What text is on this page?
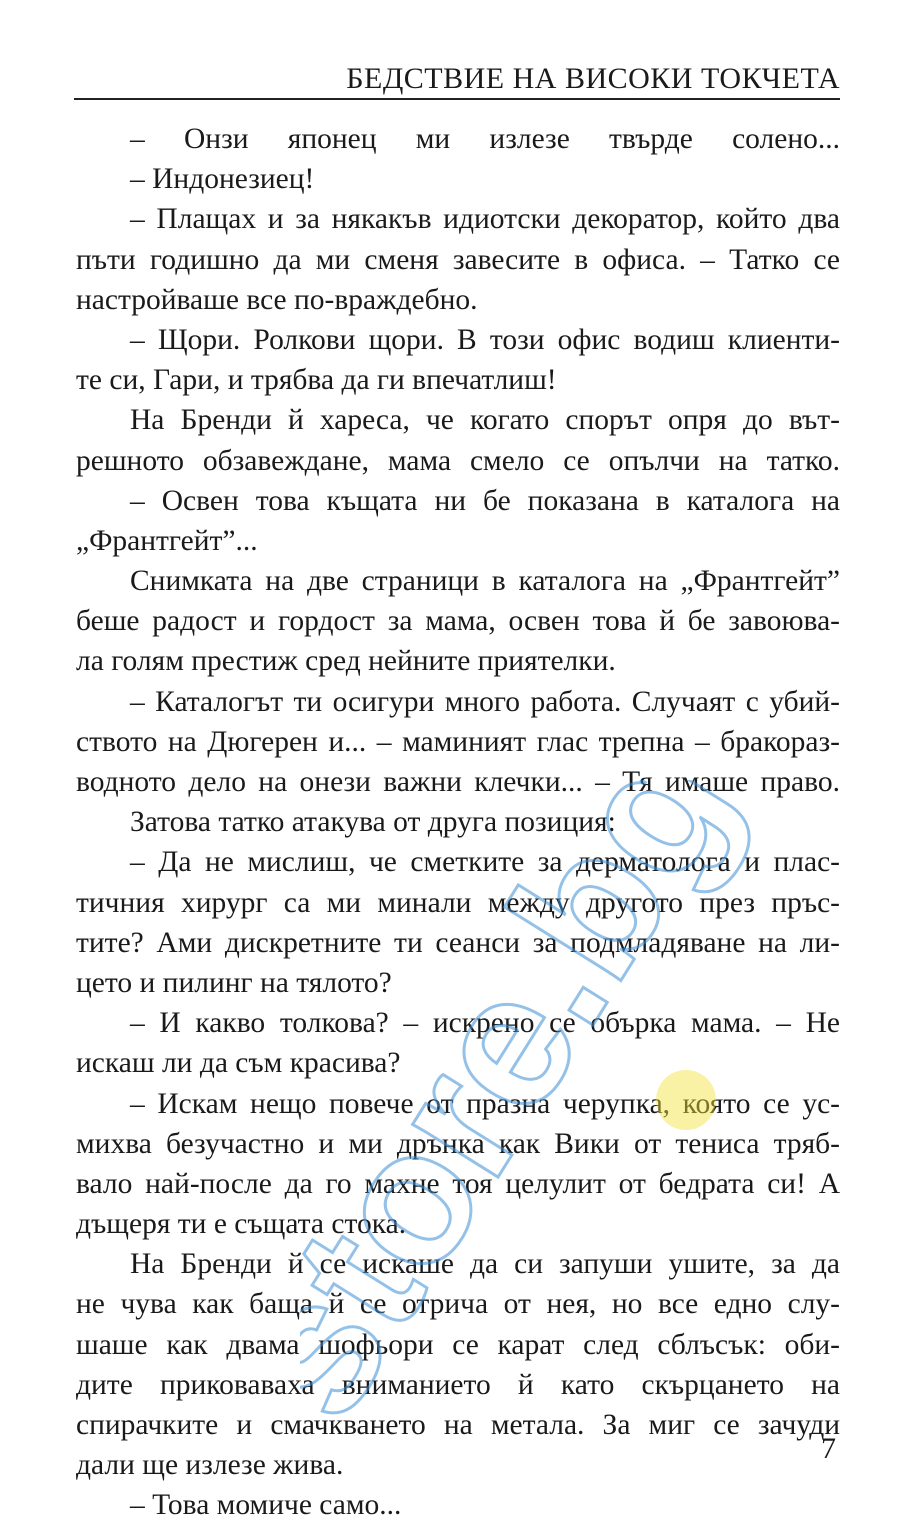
БЕДСТВИЕ НА ВИСОКИ ТОКЧЕТА
– Онзи японец ми излезе твърде солено...
– Индонезиец!
– Плащах и за някакъв идиотски декоратор, който два
пъти годишно да ми сменя завесите в офиса. – Татко се
настройваше все по-враждебно.
– Щори. Ролкови щори. В този офис водиш клиенти-
те си, Гари, и трябва да ги впечатлиш!
На Бренди й хареса, че когато спорът опря до вът-
решното обзавеждане, мама смело се опълчи на татко.
– Освен това къщата ни бе показана в каталога на
„Франтгейт”...
Снимката на две страници в каталога на „Франтгейт”
беше радост и гордост за мама, освен това й бе завоюва-
ла голям престиж сред нейните приятелки.
– Каталогът ти осигури много работа. Случаят с убий-
ството на Дюгерен и... – маминият глас трепна – бракораз-
водното дело на онези важни клечки... – Тя имаше право.
Затова татко атакува от друга позиция:
– Да не мислиш, че сметките за дерматолога и плас-
тичния хирург са ми минали между другото през пръс-
тите? Ами дискретните ти сеанси за подмладяване на ли-
цето и пилинг на тялото?
– И какво толкова? – искрено се обърка мама. – Не
искаш ли да съм красива?
– Искам нещо повече от празна черупка, която се ус-
михва безучастно и ми дрънка как Вики от тениса тряб-
вало най-после да го махне тоя целулит от бедрата си! А
дъщеря ти е същата стока.
На Бренди й се искаше да си запуши ушите, за да
не чува как баща й се отрича от нея, но все едно слу-
шаше как двама шофьори се карат след сблъсък: оби-
дите приковаваха вниманието й като скърцането на
спирачките и смачкването на метала. За миг се зачуди
дали ще излезе жива.
– Това момиче само...
store.bg 7
